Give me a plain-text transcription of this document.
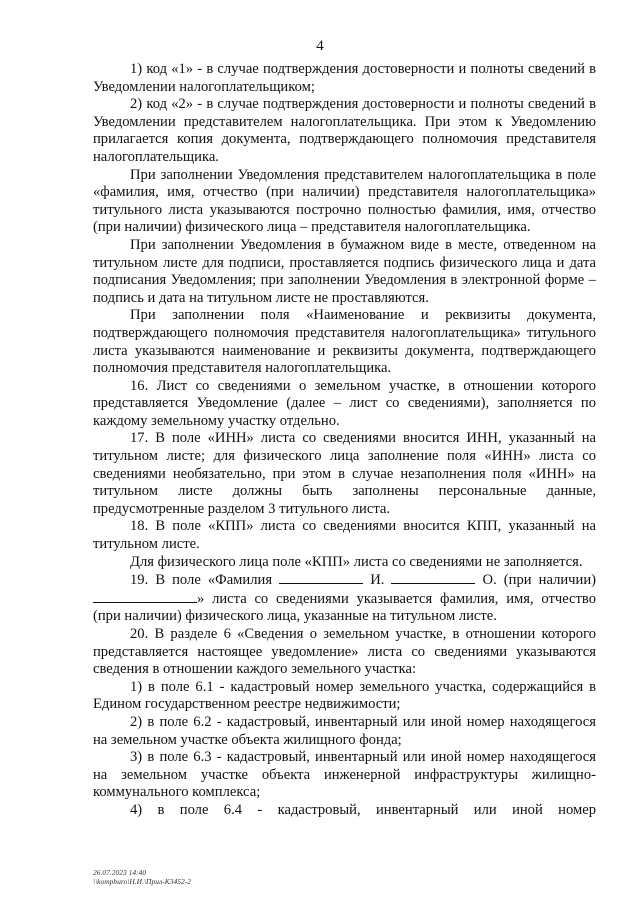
4

1) код «1» - в случае подтверждения достоверности и полноты сведений в Уведомлении налогоплательщиком;

2) код «2» - в случае подтверждения достоверности и полноты сведений в Уведомлении представителем налогоплательщика. При этом к Уведомлению прилагается копия документа, подтверждающего полномочия представителя налогоплательщика.

При заполнении Уведомления представителем налогоплательщика в поле «фамилия, имя, отчество (при наличии) представителя налогоплательщика» титульного листа указываются построчно полностью фамилия, имя, отчество (при наличии) физического лица – представителя налогоплательщика.

При заполнении Уведомления в бумажном виде в месте, отведенном на титульном листе для подписи, проставляется подпись физического лица и дата подписания Уведомления; при заполнении Уведомления в электронной форме – подпись и дата на титульном листе не проставляются.

При заполнении поля «Наименование и реквизиты документа, подтверждающего полномочия представителя налогоплательщика» титульного листа указываются наименование и реквизиты документа, подтверждающего полномочия представителя налогоплательщика.

16. Лист со сведениями о земельном участке, в отношении которого представляется Уведомление (далее – лист со сведениями), заполняется по каждому земельному участку отдельно.

17. В поле «ИНН» листа со сведениями вносится ИНН, указанный на титульном листе; для физического лица заполнение поля «ИНН» листа со сведениями необязательно, при этом в случае незаполнения поля «ИНН» на титульном листе должны быть заполнены персональные данные, предусмотренные разделом 3 титульного листа.

18. В поле «КПП» листа со сведениями вносится КПП, указанный на титульном листе.

Для физического лица поле «КПП» листа со сведениями не заполняется.

19. В поле «Фамилия	И.	О. (при наличии) » листа со сведениями указывается фамилия, имя, отчество (при наличии) физического лица, указанные на титульном листе.

20. В разделе 6 «Сведения о земельном участке, в отношении которого представляется настоящее уведомление» листа со сведениями указываются сведения в отношении каждого земельного участка:

1) в поле 6.1 - кадастровый номер земельного участка, содержащийся в Едином государственном реестре недвижимости;

2) в поле 6.2 - кадастровый, инвентарный или иной номер находящегося на земельном участке объекта жилищного фонда;

3) в поле 6.3 - кадастровый, инвентарный или иной номер находящегося на земельном участке объекта инженерной инфраструктуры жилищно-коммунального комплекса;

4) в поле 6.4 - кадастровый, инвентарный или иной номер

26.07.2023 14:40
\\kompburo\Н.И.\Прил-К3452-2
